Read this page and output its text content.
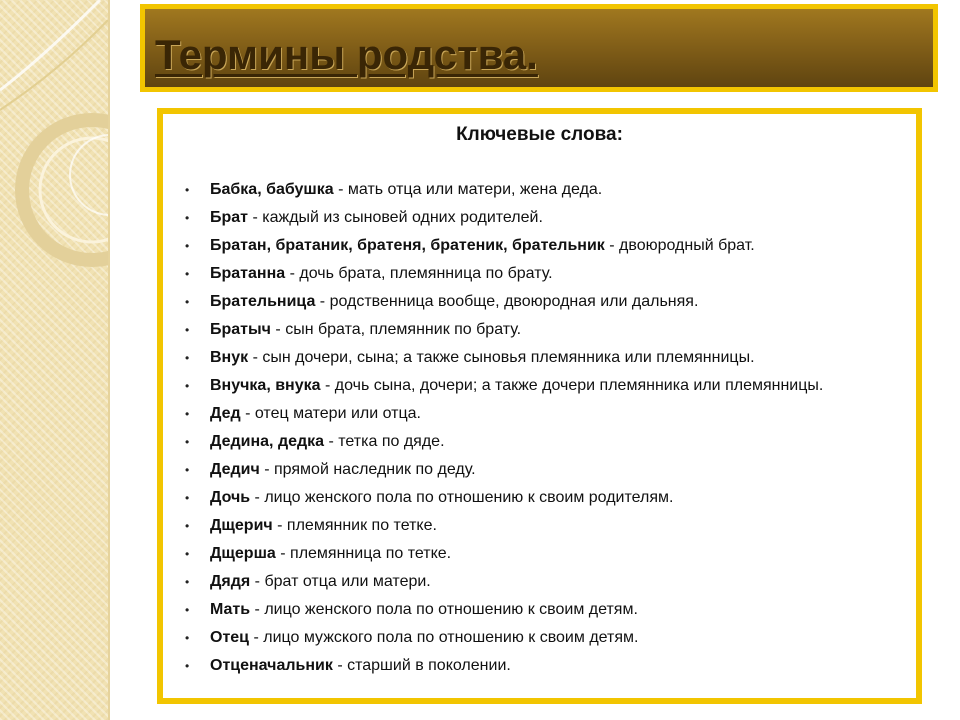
Термины родства.

Ключевые слова:

• Бабка, бабушка - мать отца или матери, жена деда.
• Брат - каждый из сыновей одних родителей.
• Братан, братаник, братеня, братеник, брательник - двоюродный брат.
• Братанна - дочь брата, племянница по брату.
• Брательница - родственница вообще, двоюродная или дальняя.
• Братыч - сын брата, племянник по брату.
• Внук - сын дочери, сына; а также сыновья племянника или племянницы.
• Внучка, внука - дочь сына, дочери; а также дочери племянника или племянницы.
• Дед - отец матери или отца.
• Дедина, дедка - тетка по дяде.
• Дедич - прямой наследник по деду.
• Дочь - лицо женского пола по отношению к своим родителям.
• Дщерич - племянник по тетке.
• Дщерша - племянница по тетке.
• Дядя - брат отца или матери.
• Мать - лицо женского пола по отношению к своим детям.
• Отец - лицо мужского пола по отношению к своим детям.
• Отценачальник - старший в поколении.
